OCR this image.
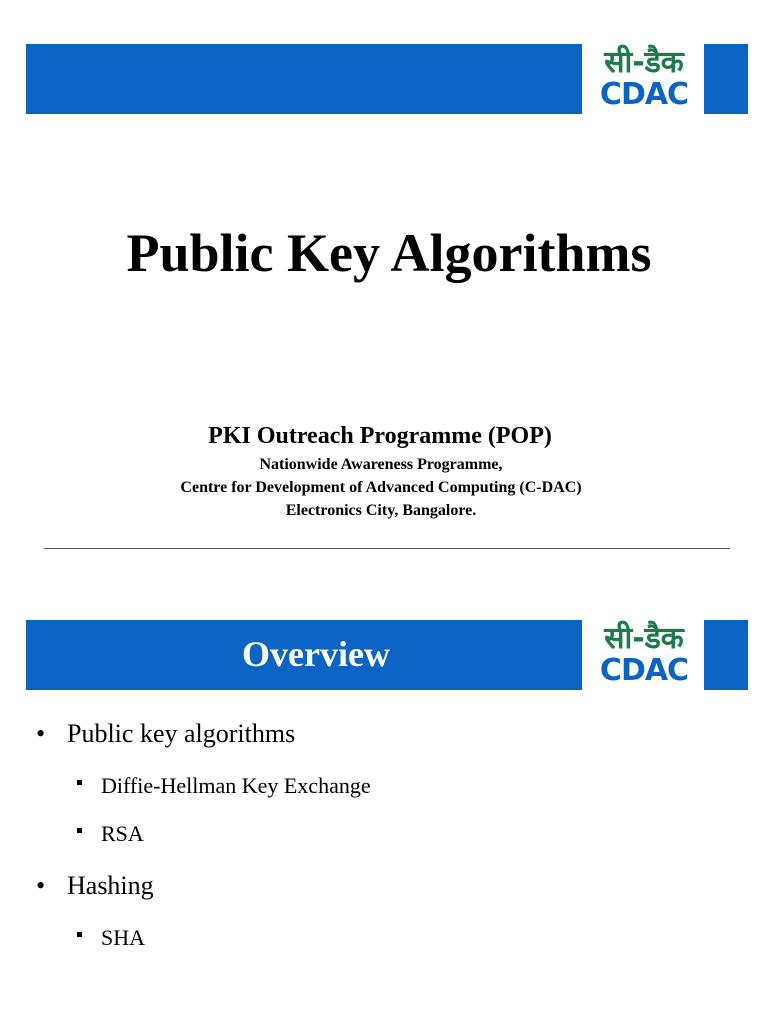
सी-डैक
CDAC
Public Key Algorithms
PKI Outreach Programme (POP)
Nationwide Awareness Programme,
Centre for Development of Advanced Computing (C-DAC)
Electronics City, Bangalore.
Overview	सी-डैक
CDAC
• Public key algorithms
Diffie-Hellman Key Exchange
RSA
• Hashing
SHA
